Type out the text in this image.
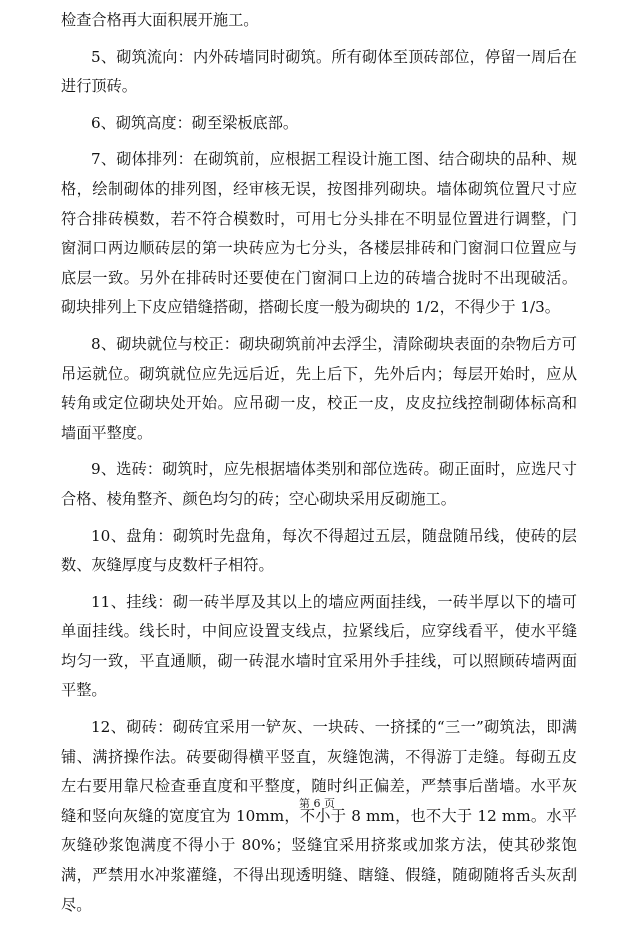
检查合格再大面积展开施工。

5、砌筑流向：内外砖墙同时砌筑。所有砌体至顶砖部位，停留一周后在进行顶砖。

6、砌筑高度：砌至梁板底部。

7、砌体排列：在砌筑前，应根据工程设计施工图、结合砌块的品种、规格，绘制砌体的排列图，经审核无误，按图排列砌块。墙体砌筑位置尺寸应符合排砖模数，若不符合模数时，可用七分头排在不明显位置进行调整，门窗洞口两边顺砖层的第一块砖应为七分头，各楼层排砖和门窗洞口位置应与底层一致。另外在排砖时还要使在门窗洞口上边的砖墙合拢时不出现破活。砌块排列上下皮应错缝搭砌，搭砌长度一般为砌块的 1/2，不得少于 1/3。

8、砌块就位与校正：砌块砌筑前冲去浮尘，清除砌块表面的杂物后方可吊运就位。砌筑就位应先远后近，先上后下，先外后内；每层开始时，应从转角或定位砌块处开始。应吊砌一皮，校正一皮，皮皮拉线控制砌体标高和墙面平整度。

9、选砖：砌筑时，应先根据墙体类别和部位选砖。砌正面时，应选尺寸合格、棱角整齐、颜色均匀的砖；空心砌块采用反砌施工。

10、盘角：砌筑时先盘角，每次不得超过五层，随盘随吊线，使砖的层数、灰缝厚度与皮数杆子相符。

11、挂线：砌一砖半厚及其以上的墙应两面挂线，一砖半厚以下的墙可单面挂线。线长时，中间应设置支线点，拉紧线后，应穿线看平，使水平缝均匀一致，平直通顺，砌一砖混水墙时宜采用外手挂线，可以照顾砖墙两面平整。

12、砌砖：砌砖宜采用一铲灰、一块砖、一挤揉的“三一”砌筑法，即满铺、满挤操作法。砖要砌得横平竖直，灰缝饱满，不得游丁走缝。每砌五皮左右要用靠尺检查垂直度和平整度，随时纠正偏差，严禁事后凿墙。水平灰缝和竖向灰缝的宽度宜为 10mm，不小于 8 mm，也不大于 12 mm。水平灰缝砂浆饱满度不得小于 80%；竖缝宜采用挤浆或加浆方法，使其砂浆饱满，严禁用水冲浆灌缝，不得出现透明缝、瞎缝、假缝，随砌随将舌头灰刮尽。

第 6 页
